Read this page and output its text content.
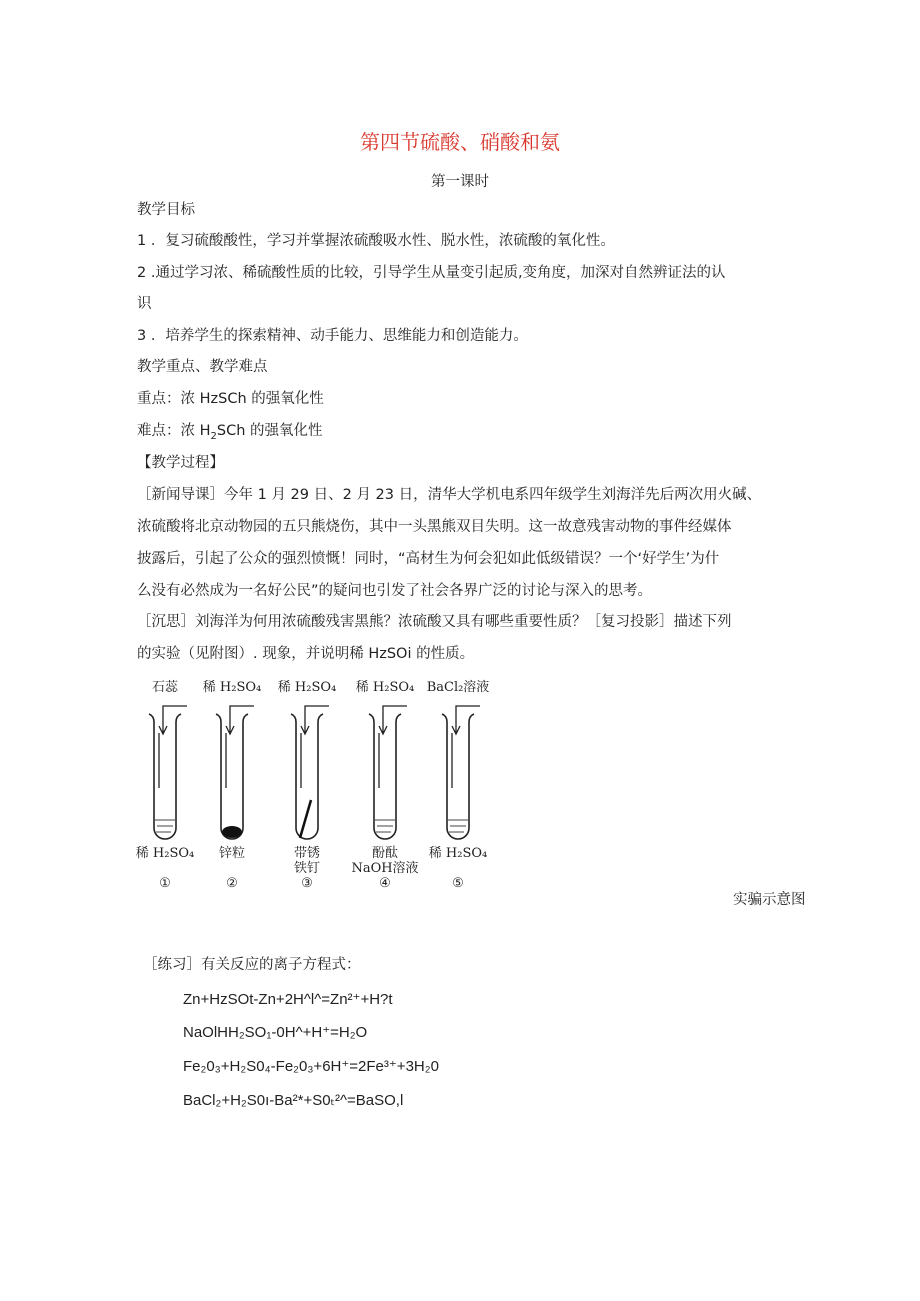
第四节硫酸、硝酸和氨
第一课时
教学目标
1 ．复习硫酸酸性，学习并掌握浓硫酸吸水性、脱水性，浓硫酸的氧化性。
2 .通过学习浓、稀硫酸性质的比较，引导学生从量变引起质,变角度，加深对自然辨证法的认
识
3 ．培养学生的探索精神、动手能力、思维能力和创造能力。
教学重点、教学难点
重点：浓 HzSCh 的强氧化性
难点：浓 $H_2SCh$ 的强氧化性
【教学过程】
［新闻导课］今年 1 月 29 日、2 月 23 日，清华大学机电系四年级学生刘海洋先后两次用火碱、
浓硫酸将北京动物园的五只熊烧伤，其中一头黑熊双目失明。这一故意残害动物的事件经媒体
披露后，引起了公众的强烈愤慨！同时，“高材生为何会犯如此低级错误？一个‘好学生’为什
么没有必然成为一名好公民”的疑问也引发了社会各界广泛的讨论与深入的思考。
［沉思］刘海洋为何用浓硫酸残害黑熊？浓硫酸又具有哪些重要性质？［复习投影］描述下列
的实验（见附图）. 现象，并说明稀 HzSOi 的性质。
石蕊
稀 H₂SO₄
①
稀 H₂SO₄
锌粒
②
稀 H₂SO₄
带锈
铁钉
③
稀 H₂SO₄
酚酞
NaOH溶液
④
BaCl₂溶液
稀 H₂SO₄
⑤
实骗示意图
［练习］有关反应的离子方程式：
Zn+HzSOt-Zn+2H^l^=Zn²⁺+H?t
NaOlHH₂SO₁-0H^+H⁺=H₂O
Fe₂0₃+H₂S0₄-Fe₂0₃+6H⁺=2Fe³⁺+3H₂0
BaCl₂+H₂S0ı-Ba²*+S0ₜ²^=BaSO,l
